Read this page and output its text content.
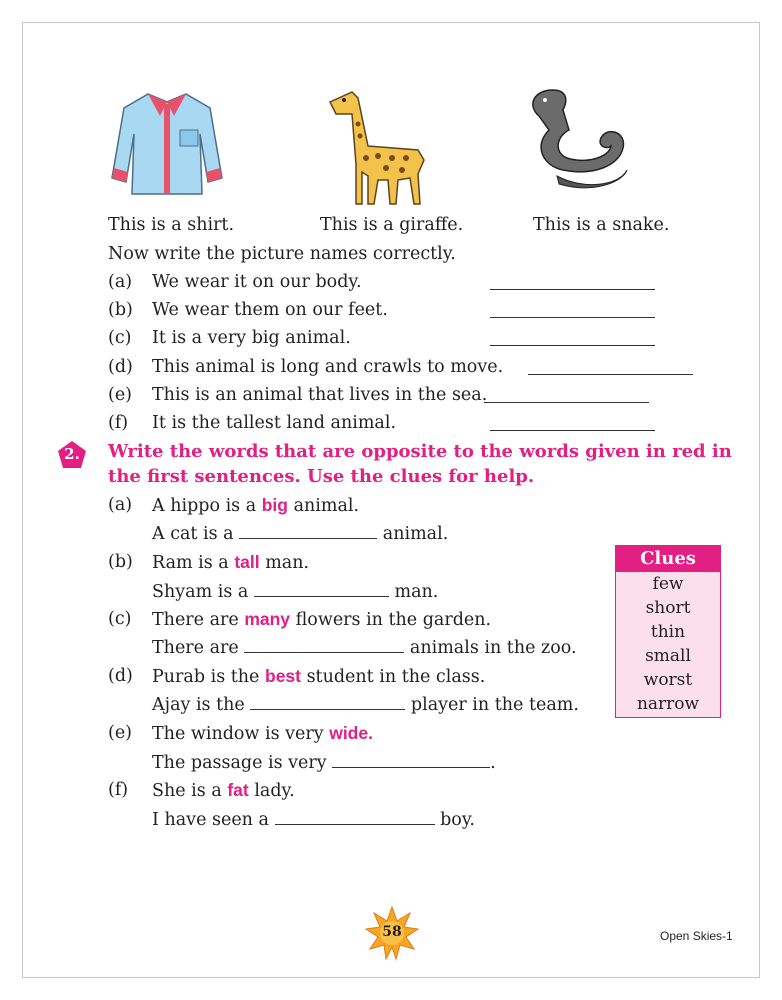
This is a shirt.	This is a giraffe.	This is a snake.
Now write the picture names correctly.
(a) We wear it on our body.
(b) We wear them on our feet.
(c) It is a very big animal.
(d) This animal is long and crawls to move.
(e) This is an animal that lives in the sea.
(f) It is the tallest land animal.
2.	Write the words that are opposite to the words given in red in
the first sentences. Use the clues for help.
(a) A hippo is a big animal.
A cat is a	animal.
(b) Ram is a tall man.
Shyam is a	man.
(c) There are many flowers in the garden.
There are	animals in the zoo.
(d) Purab is the best student in the class.
Ajay is the	player in the team.
(e) The window is very wide.
The passage is very	.
(f) She is a fat lady.
I have seen a	boy.
Clues
few
short
thin
small
worst
narrow
58	Open Skies-1
